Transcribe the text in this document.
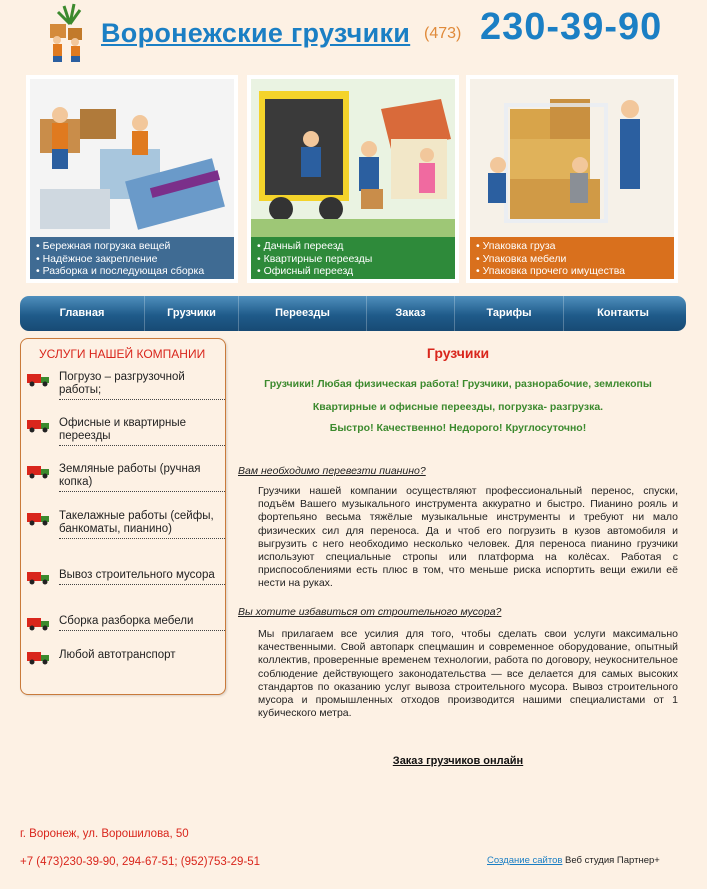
Воронежские грузчики (473) 230-39-90
• Бережная погрузка вещей
• Надёжное закрепление
• Разборка и последующая сборка
• Дачный переезд
• Квартирные переезды
• Офисный переезд
• Упаковка груза
• Упаковка мебели
• Упаковка прочего имущества
Главная	Грузчики	Переезды	Заказ	Тарифы	Контакты
УСЛУГИ НАШЕЙ КОМПАНИИ
Погрузо – разгрузочной работы;
Офисные и квартирные переезды
Земляные работы (ручная копка)
Такелажные работы (сейфы, банкоматы, пианино)
Вывоз строительного мусора
Сборка разборка мебели
Любой автотранспорт
Грузчики
Грузчики! Любая физическая работа! Грузчики, разнорабочие, землекопы
Квартирные и офисные переезды, погрузка- разгрузка.
Быстро! Качественно! Недорого! Круглосуточно!
Вам необходимо перевезти пианино?

Грузчики нашей компании осуществляют профессиональный перенос, спуски, подъём Вашего музыкального инструмента аккуратно и быстро. Пианино рояль и фортепьяно весьма тяжёлые музыкальные инструменты и требуют ни мало физических сил для переноса. Да и чтоб его погрузить в кузов автомобиля и выгрузить с него необходимо несколько человек. Для переноса пианино грузчики используют специальные стропы или платформа на колёсах. Работая с приспособлениями есть плюс в том, что меньше риска испортить вещи ежили её нести на руках.

Вы хотите избавиться от строительного мусора?

Мы прилагаем все усилия для того, чтобы сделать свои услуги максимально качественными. Свой автопарк спецмашин и современное оборудование, опытный коллектив, проверенные временем технологии, работа по договору, неукоснительное соблюдение действующего законодательства — все делается для самых высоких стандартов по оказанию услуг вывоза строительного мусора. Вывоз строительного мусора и промышленных отходов производится нашими специалистами от 1 кубического метра.

Заказ грузчиков онлайн
г. Воронеж, ул. Ворошилова, 50
+7 (473)230-39-90, 294-67-51; (952)753-29-51	Создание сайтов Веб студия Партнер+
